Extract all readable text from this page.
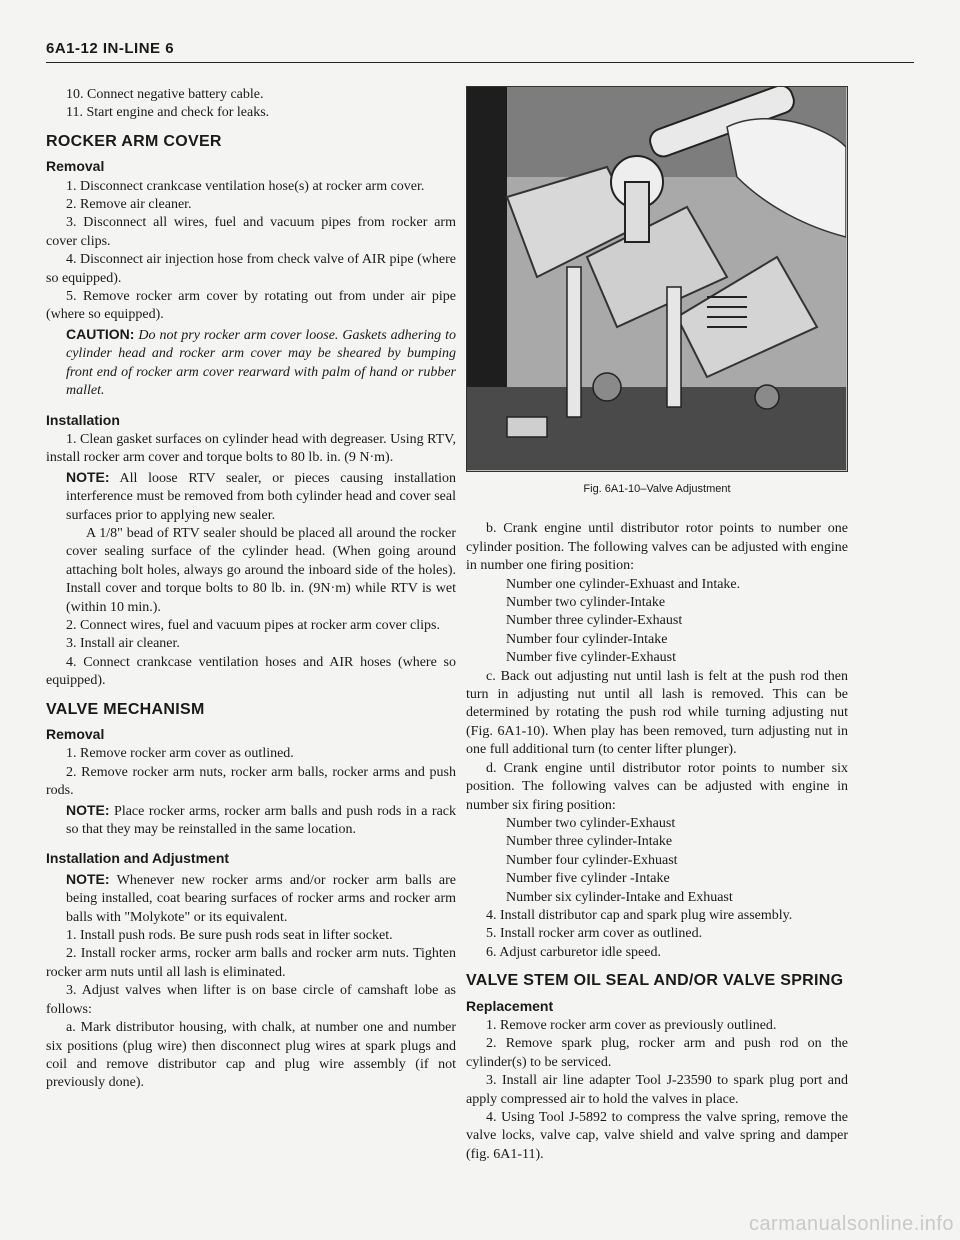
6A1-12 IN-LINE 6

10. Connect negative battery cable.

11. Start engine and check for leaks.

ROCKER ARM COVER
Removal

1. Disconnect crankcase ventilation hose(s) at rocker arm cover.

2. Remove air cleaner.

3. Disconnect all wires, fuel and vacuum pipes from rocker arm cover clips.

4. Disconnect air injection hose from check valve of AIR pipe (where so equipped).

5. Remove rocker arm cover by rotating out from under air pipe (where so equipped).

CAUTION: Do not pry rocker arm cover loose. Gaskets adhering to cylinder head and rocker arm cover may be sheared by bumping front end of rocker arm cover rearward with palm of hand or rubber mallet.

Installation

1. Clean gasket surfaces on cylinder head with degreaser. Using RTV, install rocker arm cover and torque bolts to 80 lb. in. (9 N·m).

NOTE: All loose RTV sealer, or pieces causing installation interference must be removed from both cylinder head and cover seal surfaces prior to applying new sealer.

A 1/8" bead of RTV sealer should be placed all around the rocker cover sealing surface of the cylinder head. (When going around attaching bolt holes, always go around the inboard side of the holes). Install cover and torque bolts to 80 lb. in. (9N·m) while RTV is wet (within 10 min.).

2. Connect wires, fuel and vacuum pipes at rocker arm cover clips.

3. Install air cleaner.

4. Connect crankcase ventilation hoses and AIR hoses (where so equipped).

VALVE MECHANISM
Removal

1. Remove rocker arm cover as outlined.

2. Remove rocker arm nuts, rocker arm balls, rocker arms and push rods.

NOTE: Place rocker arms, rocker arm balls and push rods in a rack so that they may be reinstalled in the same location.

Installation and Adjustment

NOTE: Whenever new rocker arms and/or rocker arm balls are being installed, coat bearing surfaces of rocker arms and rocker arm balls with "Molykote" or its equivalent.

1. Install push rods. Be sure push rods seat in lifter socket.

2. Install rocker arms, rocker arm balls and rocker arm nuts. Tighten rocker arm nuts until all lash is eliminated.

3. Adjust valves when lifter is on base circle of camshaft lobe as follows:

a. Mark distributor housing, with chalk, at number one and number six positions (plug wire) then disconnect plug wires at spark plugs and coil and remove distributor cap and plug wire assembly (if not previously done).

Fig. 6A1-10–Valve Adjustment

b. Crank engine until distributor rotor points to number one cylinder position. The following valves can be adjusted with engine in number one firing position:

Number one cylinder-Exhuast and Intake.

Number two cylinder-Intake

Number three cylinder-Exhaust

Number four cylinder-Intake

Number five cylinder-Exhaust

c. Back out adjusting nut until lash is felt at the push rod then turn in adjusting nut until all lash is removed. This can be determined by rotating the push rod while turning adjusting nut (Fig. 6A1-10). When play has been removed, turn adjusting nut in one full additional turn (to center lifter plunger).

d. Crank engine until distributor rotor points to number six position. The following valves can be adjusted with engine in number six firing position:

Number two cylinder-Exhaust

Number three cylinder-Intake

Number four cylinder-Exhuast

Number five cylinder -Intake

Number six cylinder-Intake and Exhuast

4. Install distributor cap and spark plug wire assembly.

5. Install rocker arm cover as outlined.

6. Adjust carburetor idle speed.

VALVE STEM OIL SEAL AND/OR VALVE SPRING
Replacement

1. Remove rocker arm cover as previously outlined.

2. Remove spark plug, rocker arm and push rod on the cylinder(s) to be serviced.

3. Install air line adapter Tool J-23590 to spark plug port and apply compressed air to hold the valves in place.

4. Using Tool J-5892 to compress the valve spring, remove the valve locks, valve cap, valve shield and valve spring and damper (fig. 6A1-11).

carmanualsonline.info
